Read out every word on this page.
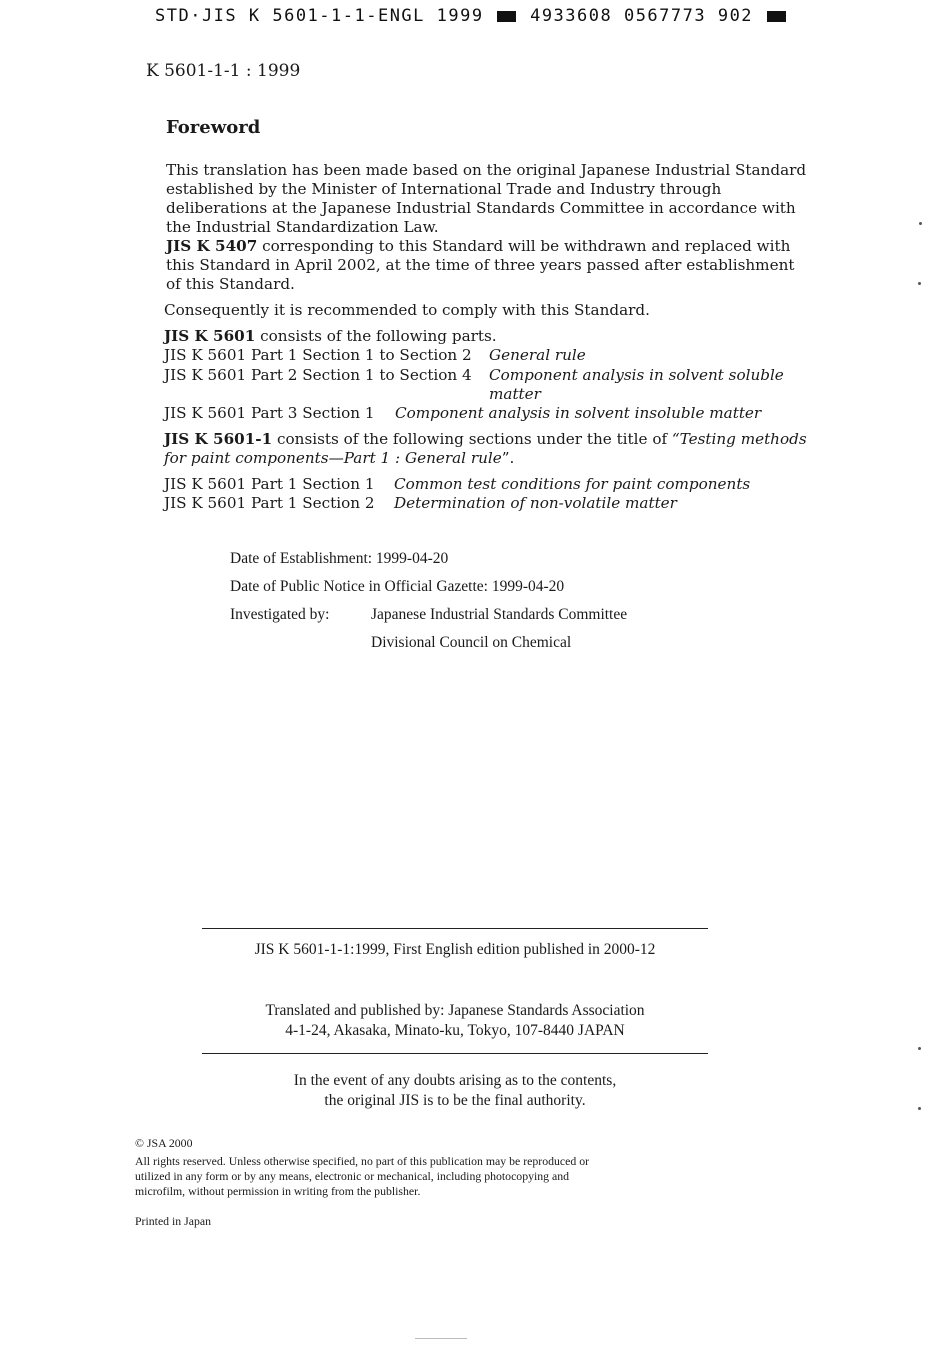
STD·JIS K 5601-1-1-ENGL 1999	4933608 0567773 902
K 5601-1-1 : 1999
Foreword

This translation has been made based on the original Japanese Industrial Standard

established by the Minister of International Trade and Industry through

deliberations at the Japanese Industrial Standards Committee in accordance with

the Industrial Standardization Law.

JIS K 5407 corresponding to this Standard will be withdrawn and replaced with

this Standard in April 2002, at the time of three years passed after establishment

of this Standard.

Consequently it is recommended to comply with this Standard.
JIS K 5601 consists of the following parts.
JIS K 5601 Part 1 Section 1 to Section 2 General rule
JIS K 5601 Part 2 Section 1 to Section 4 Component analysis in solvent soluble
matter
JIS K 5601 Part 3 Section 1 Component analysis in solvent insoluble matter

JIS K 5601-1 consists of the following sections under the title of “Testing methods

for paint components—Part 1 : General rule”.

JIS K 5601 Part 1 Section 1 Common test conditions for paint components
JIS K 5601 Part 1 Section 2 Determination of non-volatile matter
Date of Establishment: 1999-04-20
Date of Public Notice in Official Gazette: 1999-04-20
Investigated by:	Japanese Industrial Standards Committee
Divisional Council on Chemical
JIS K 5601-1-1:1999, First English edition published in 2000-12
Translated and published by: Japanese Standards Association
4-1-24, Akasaka, Minato-ku, Tokyo, 107-8440 JAPAN
In the event of any doubts arising as to the contents,
the original JIS is to be the final authority.
© JSA 2000
All rights reserved. Unless otherwise specified, no part of this publication may be reproduced or
utilized in any form or by any means, electronic or mechanical, including photocopying and
microfilm, without permission in writing from the publisher.
Printed in Japan
